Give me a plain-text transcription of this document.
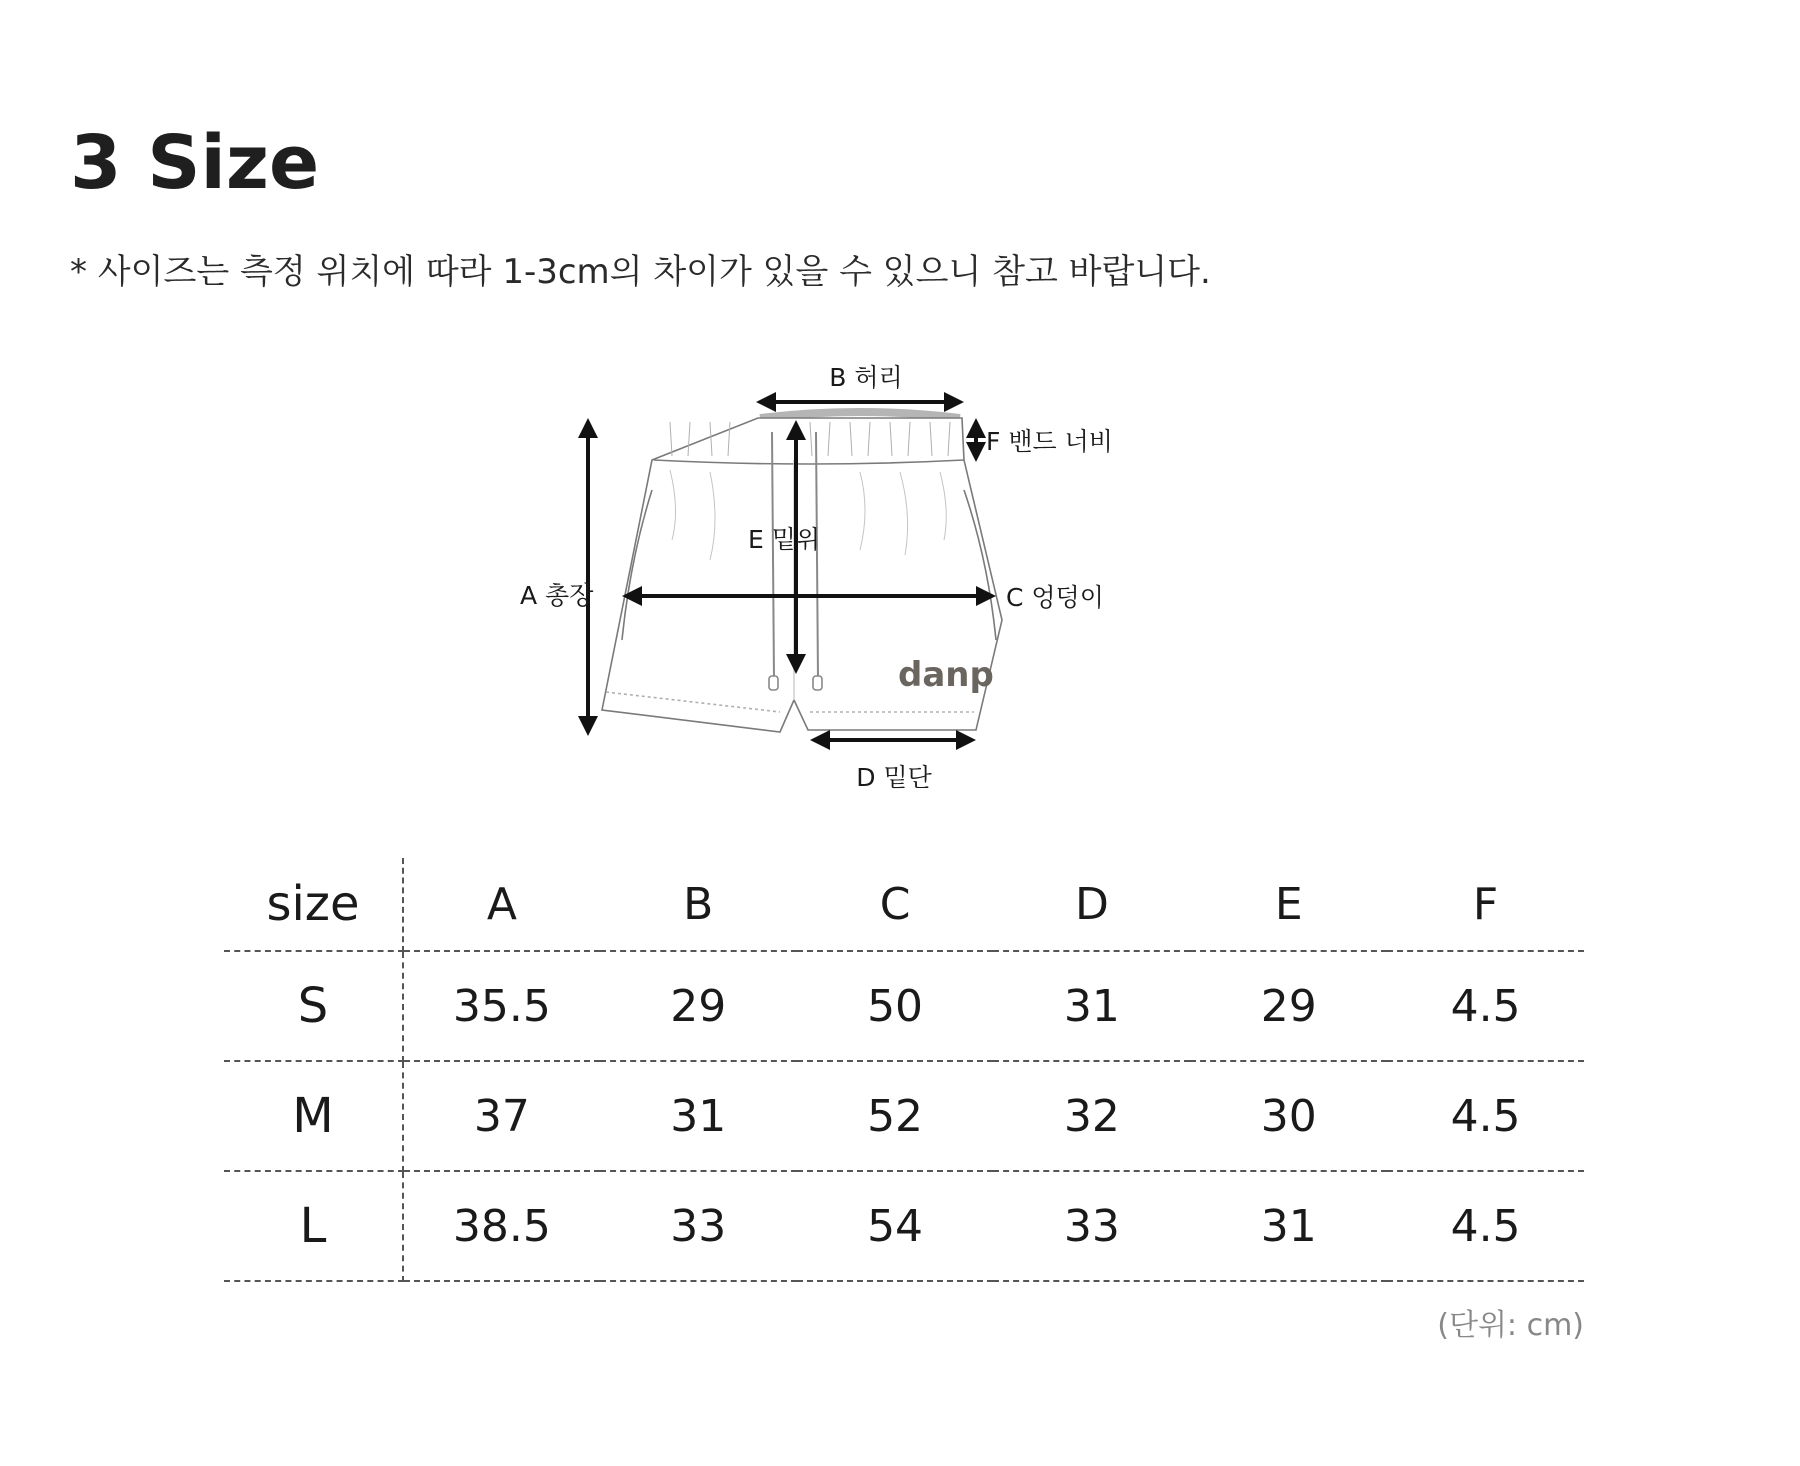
3 Size
* 사이즈는 측정 위치에 따라 1-3cm의 차이가 있을 수 있으니 참고 바랍니다.
danp
B 허리
F 밴드 너비
E 밑위
A 총장	C 엉덩이
D 밑단
size	A	B	C	D	E	F
S	35.5	29	50	31	29	4.5
M	37	31	52	32	30	4.5
L	38.5	33	54	33	31	4.5
(단위: cm)
